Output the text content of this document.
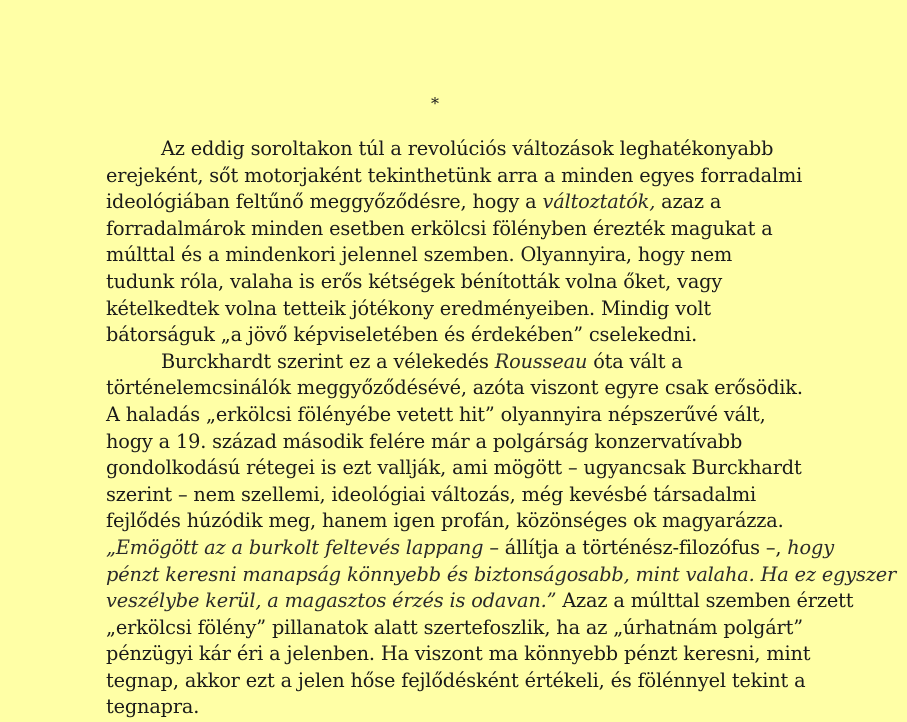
*
Az eddig soroltakon túl a revolúciós változások leghatékonyabb
erejeként, sőt motorjaként tekinthetünk arra a minden egyes forradalmi
ideológiában feltűnő meggyőződésre, hogy a változtatók, azaz a
forradalmárok minden esetben erkölcsi fölényben érezték magukat a
múlttal és a mindenkori jelennel szemben. Olyannyira, hogy nem
tudunk róla, valaha is erős kétségek bénították volna őket, vagy
kételkedtek volna tetteik jótékony eredményeiben. Mindig volt
bátorságuk „a jövő képviseletében és érdekében” cselekedni.
Burckhardt szerint ez a vélekedés Rousseau óta vált a
történelemcsinálók meggyőződésévé, azóta viszont egyre csak erősödik.
A haladás „erkölcsi fölényébe vetett hit” olyannyira népszerűvé vált,
hogy a 19. század második felére már a polgárság konzervatívabb
gondolkodású rétegei is ezt vallják, ami mögött – ugyancsak Burckhardt
szerint – nem szellemi, ideológiai változás, még kevésbé társadalmi
fejlődés húzódik meg, hanem igen profán, közönséges ok magyarázza.
„Emögött az a burkolt feltevés lappang – állítja a történész-filozófus –, hogy
pénzt keresni manapság könnyebb és biztonságosabb, mint valaha. Ha ez egyszer
veszélybe kerül, a magasztos érzés is odavan.” Azaz a múlttal szemben érzett
„erkölcsi fölény” pillanatok alatt szertefoszlik, ha az „úrhatnám polgárt”
pénzügyi kár éri a jelenben. Ha viszont ma könnyebb pénzt keresni, mint
tegnap, akkor ezt a jelen hőse fejlődésként értékeli, és fölénnyel tekint a
tegnapra.
